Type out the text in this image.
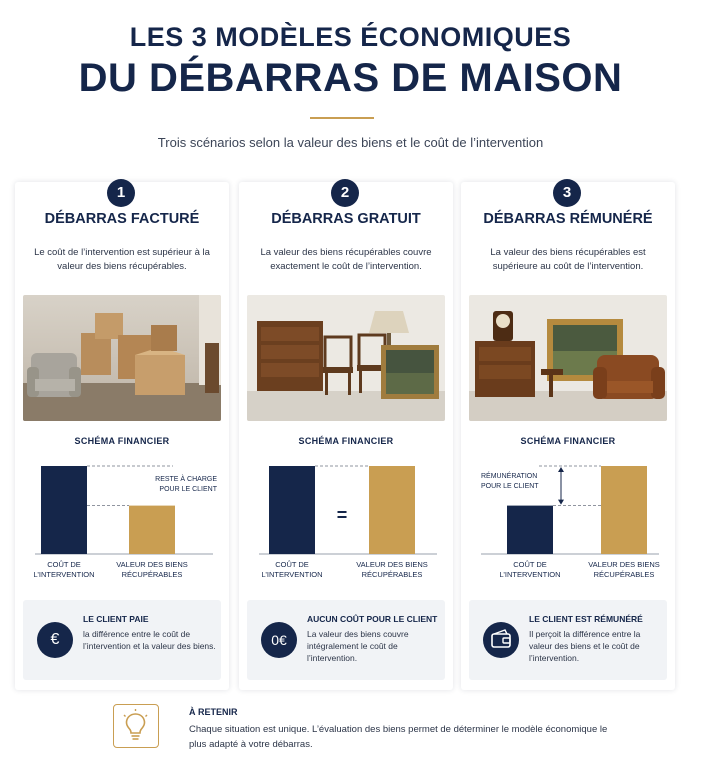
LES 3 MODÈLES ÉCONOMIQUES
DU DÉBARRAS DE MAISON
Trois scénarios selon la valeur des biens et le coût de l’intervention
1
DÉBARRAS FACTURÉ
Le coût de l’intervention est supérieur à la valeur des biens récupérables.
SCHÉMA FINANCIER
RESTE À CHARGE
POUR LE CLIENT
COÛT DE
L’INTERVENTION
VALEUR DES BIENS
RÉCUPÉRABLES
€
LE CLIENT PAIE
la différence entre le coût de l’intervention et la valeur des biens.
2
DÉBARRAS GRATUIT
La valeur des biens récupérables couvre exactement le coût de l’intervention.
SCHÉMA FINANCIER
=
COÛT DE
L’INTERVENTION
VALEUR DES BIENS
RÉCUPÉRABLES
0€
AUCUN COÛT POUR LE CLIENT
La valeur des biens couvre intégralement le coût de l’intervention.
3
DÉBARRAS RÉMUNÉRÉ
La valeur des biens récupérables est supérieure au coût de l’intervention.
SCHÉMA FINANCIER
RÉMUNÉRATION
POUR LE CLIENT
COÛT DE
L’INTERVENTION
VALEUR DES BIENS
RÉCUPÉRABLES
LE CLIENT EST RÉMUNÉRÉ
Il perçoit la différence entre la valeur des biens et le coût de l’intervention.
À RETENIR
Chaque situation est unique. L’évaluation des biens permet de déterminer le modèle économique le plus adapté à votre débarras.
